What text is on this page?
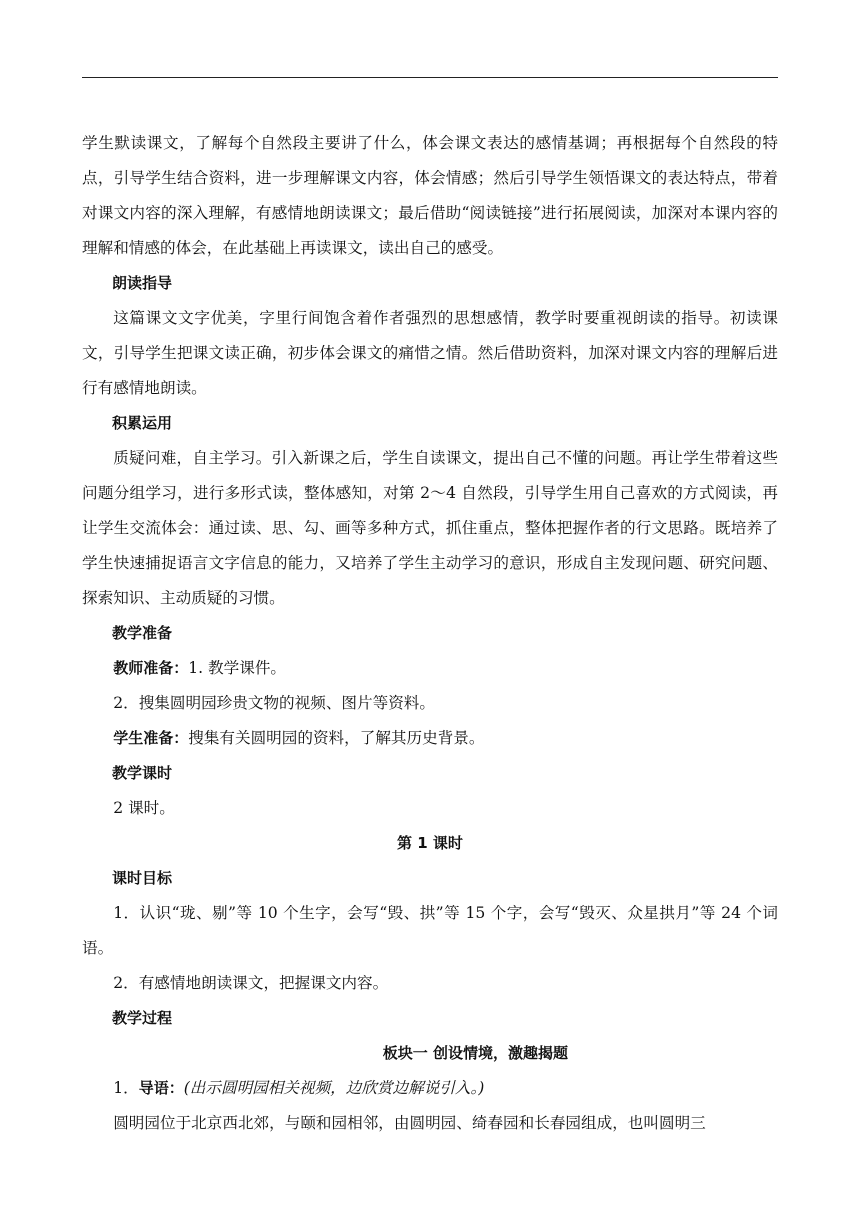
学生默读课文，了解每个自然段主要讲了什么，体会课文表达的感情基调；再根据每个自然段的特点，引导学生结合资料，进一步理解课文内容，体会情感；然后引导学生领悟课文的表达特点，带着对课文内容的深入理解，有感情地朗读课文；最后借助“阅读链接”进行拓展阅读，加深对本课内容的理解和情感的体会，在此基础上再读课文，读出自己的感受。

朗读指导

这篇课文文字优美，字里行间饱含着作者强烈的思想感情，教学时要重视朗读的指导。初读课文，引导学生把课文读正确，初步体会课文的痛惜之情。然后借助资料，加深对课文内容的理解后进行有感情地朗读。

积累运用

质疑问难，自主学习。引入新课之后，学生自读课文，提出自己不懂的问题。再让学生带着这些问题分组学习，进行多形式读，整体感知，对第 2～4 自然段，引导学生用自己喜欢的方式阅读，再让学生交流体会：通过读、思、勾、画等多种方式，抓住重点，整体把握作者的行文思路。既培养了学生快速捕捉语言文字信息的能力，又培养了学生主动学习的意识，形成自主发现问题、研究问题、探索知识、主动质疑的习惯。

教学准备

教师准备：1. 教学课件。

2．搜集圆明园珍贵文物的视频、图片等资料。

学生准备：搜集有关圆明园的资料，了解其历史背景。

教学课时

2 课时。

第 1 课时

课时目标

1．认识“珑、剔”等 10 个生字，会写“毁、拱”等 15 个字，会写“毁灭、众星拱月”等 24 个词语。

2．有感情地朗读课文，把握课文内容。

教学过程

板块一 创设情境，激趣揭题

1．导语：(出示圆明园相关视频，边欣赏边解说引入。)

圆明园位于北京西北郊，与颐和园相邻，由圆明园、绮春园和长春园组成，也叫圆明三
